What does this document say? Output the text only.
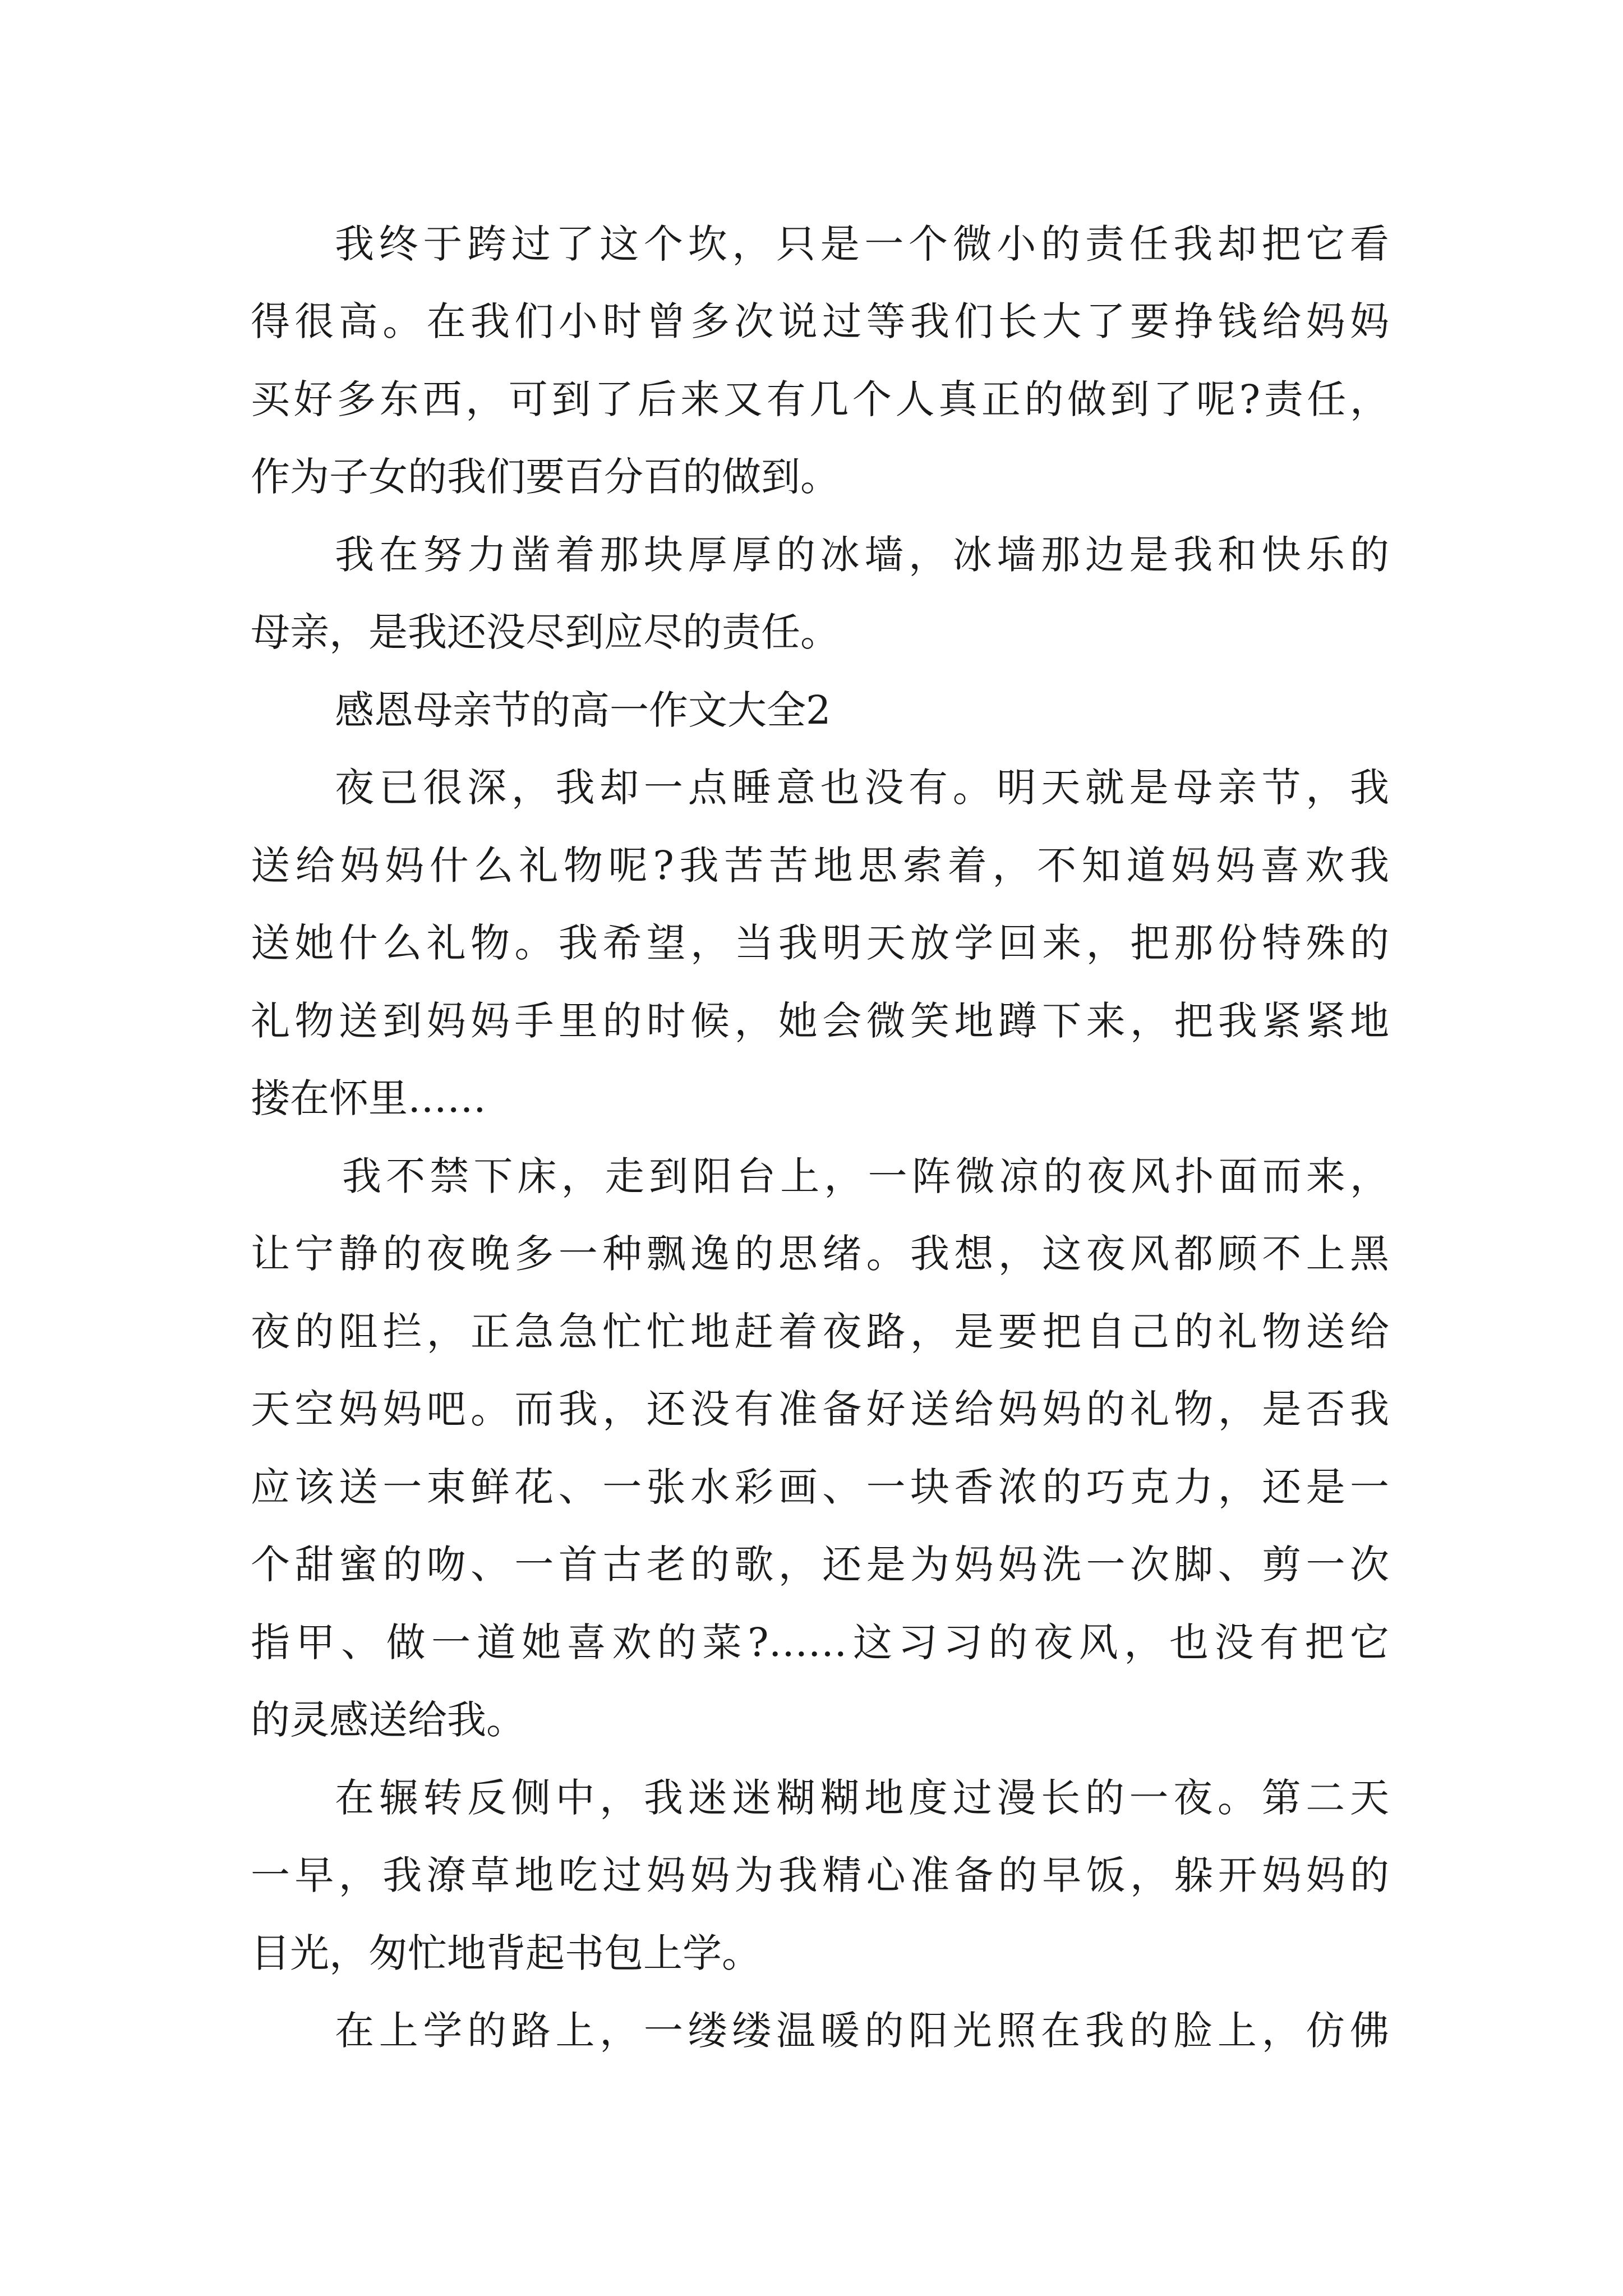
我终于跨过了这个坎，只是一个微小的责任我却把它看
得很高。在我们小时曾多次说过等我们长大了要挣钱给妈妈
买好多东西，可到了后来又有几个人真正的做到了呢?责任，
作为子女的我们要百分百的做到。
我在努力凿着那块厚厚的冰墙，冰墙那边是我和快乐的
母亲，是我还没尽到应尽的责任。
感恩母亲节的高一作文大全2
夜已很深，我却一点睡意也没有。明天就是母亲节，我
送给妈妈什么礼物呢?我苦苦地思索着，不知道妈妈喜欢我
送她什么礼物。我希望，当我明天放学回来，把那份特殊的
礼物送到妈妈手里的时候，她会微笑地蹲下来，把我紧紧地
搂在怀里……
我不禁下床，走到阳台上，一阵微凉的夜风扑面而来，
让宁静的夜晚多一种飘逸的思绪。我想，这夜风都顾不上黑
夜的阻拦，正急急忙忙地赶着夜路，是要把自己的礼物送给
天空妈妈吧。而我，还没有准备好送给妈妈的礼物，是否我
应该送一束鲜花、一张水彩画、一块香浓的巧克力，还是一
个甜蜜的吻、一首古老的歌，还是为妈妈洗一次脚、剪一次
指甲、做一道她喜欢的菜?……这习习的夜风，也没有把它
的灵感送给我。
在辗转反侧中，我迷迷糊糊地度过漫长的一夜。第二天
一早，我潦草地吃过妈妈为我精心准备的早饭，躲开妈妈的
目光，匆忙地背起书包上学。
在上学的路上，一缕缕温暖的阳光照在我的脸上，仿佛
